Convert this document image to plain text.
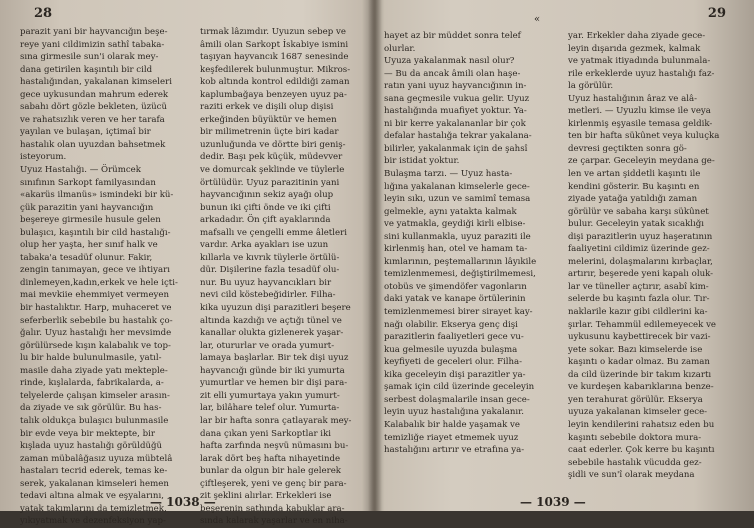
28
parazit yani bir hayvancığın beşe-
reye yani cildimizin sathî tabaka-
sına girmesile sun'i olarak mey-
dana getirilen kaşıntılı bir cild
hastalığından, yakalanan kimseleri
gece uykusundan mahrum ederek
sabahı dört gözle bekleten, üzücü
ve rahatsızlık veren ve her tarafa
yayılan ve bulaşan, içtimaî bir
hastalık olan uyuzdan bahsetmek
isteyorum.
Uyuz Hastalığı. — Örümcek
sınıfının Sarkopt familyasından
«akarüs ilmanüs» ismindeki bir kü-
çük parazitin yani hayvancığın
beşereye girmesile husule gelen
bulaşıcı, kaşıntılı bir cild hastalığı-
olup her yaşta, her sınıf halk ve
tabaka'a tesadüf olunur. Fakir,
zengin tanımayan, gece ve ihtiyarı
dinlemeyen,kadın,erkek ve hele içti-
mai mevkiie ehemmiyet vermeyen
bir hastalıktır. Harp, muhaceret ve
seferberlik sebebile bu hastalık ço-
ğalır. Uyuz hastalığı her mevsimde
görülürsede kışın kalabalık ve top-
lu bir halde bulunulmasile, yatıl-
masile daha ziyade yatı mekteple-
rinde, kışlalarda, fabrikalarda, a-
telyelerde çalışan kimseler arasın-
da ziyade ve sık görülür. Bu has-
talık oldukça bulaşıcı bulunmasile
bir evde veya bir mektepte, bir
kışlada uyuz hastalığı görüldüğü
zaman mübalâğasız uyuza mübtelâ
hastaları tecrid ederek, temas ke-
serek, yakalanan kimseleri hemen
tedavi altına almak ve eşyalarını,
yatak takımlarını da temizletmek,
yıkıyatmak ve dezenfeksiyon yap-
tırmak lâzımdır. Uyuzun sebep ve
âmili olan Sarkopt İskabiye ismini
taşıyan hayvancık 1687 senesinde
keşfedilerek bulunmuştur. Mikros-
kob altında kontrol edildiği zaman
kaplumbağaya benzeyen uyuz pa-
raziti erkek ve dişili olup dişisi
erkeğinden büyüktür ve hemen
bir milimetrenin üçte biri kadar
uzunluğunda ve dörtte biri geniş-
dedir. Başı pek küçük, müdevver
ve domurcak şeklinde ve tüylerle
örtülüdür. Uyuz parazitinin yani
hayvancığının sekiz ayağı olup
bunun iki çifti önde ve iki çifti
arkadadır. Ön çift ayaklarında
mafsallı ve çengelli emme âletleri
vardır. Arka ayakları ise uzun
kıllarla ve kıvrık tüylerle örtülü-
dür. Dişilerine fazla tesadüf olu-
nur. Bu uyuz hayvancıkları bir
nevi cild köstebeğidirler. Filha-
kika uyuzun dişi parazitleri beşere
altında kazdığı ve açtığı tünel ve
kanallar olukta gizlenerek yaşar-
lar, otururlar ve orada yumurt-
lamaya başlarlar. Bir tek dişi uyuz
hayvancığı günde bir iki yumurta
yumurtlar ve hemen bir dişi para-
zit elli yumurtaya yakın yumurt-
lar, bilâhare telef olur. Yumurta-
lar bir hafta sonra çatlayarak mey-
dana çıkan yeni Sarkoptlar iki
hafta zarfında neşvü nümasını bu-
larak dört beş hafta nihayetinde
bunlar da olgun bir hale gelerek
çiftleşerek, yeni ve genç bir para-
zit şeklini alırlar. Erkekleri ise
beşerenin sathında kabuklar ara-
sında kalarak yaşarlar ve en niha-
— 1038 —
29
«
hayet az bir müddet sonra telef
olurlar.
Uyuza yakalanmak nasıl olur?
— Bu da ancak âmili olan haşe-
ratın yani uyuz hayvancığının in-
sana geçmesile vukua gelir. Uyuz
hastalığında muafiyet yoktur. Ya-
ni bir kerre yakalananlar bir çok
defalar hastalığa tekrar yakalana-
bilirler, yakalanmak için de şahsî
bir istidat yoktur.
Bulaşma tarzı. — Uyuz hasta-
lığına yakalanan kimselerle gece-
leyin sıkı, uzun ve samimî temasa
gelmekle, aynı yatakta kalmak
ve yatmakla, geydiği kirli elbise-
sini kullanmakla, uyuz paraziti ile
kirlenmiş han, otel ve hamam ta-
kımlarının, peştemallarının lâyıkile
temizlenmemesi, değiştirilmemesi,
otobüs ve şimendöfer vagonların
daki yatak ve kanape örtülerinin
temizlenmemesi birer sirayet kay-
nağı olabilir. Ekserya genç dişi
parazitlerin faaliyetleri gece vu-
kua gelmesile uyuzda bulaşma
keyfiyeti de geceleri olur. Filha-
kika geceleyin dişi parazitler ya-
şamak için cild üzerinde geceleyin
serbest dolaşmalarile insan gece-
leyin uyuz hastalığına yakalanır.
Kalabalık bir halde yaşamak ve
temizliğe riayet etmemek uyuz
hastalığını artırır ve etrafına ya-
yar. Erkekler daha ziyade gece-
leyin dışarıda gezmek, kalmak
ve yatmak itiyadında bulunmala-
rile erkeklerde uyuz hastalığı faz-
la görülür.
Uyuz hastalığının âraz ve alâ-
metleri. — Uyuzlu kimse ile veya
kirlenmiş eşyasile temasa geldik-
ten bir hafta sükûnet veya kuluçka
devresi geçtikten sonra gö-
ze çarpar. Geceleyin meydana ge-
len ve artan şiddetli kaşıntı ile
kendini gösterir. Bu kaşıntı en
ziyade yatağa yatıldığı zaman
görülür ve sabaha karşı sükûnet
bulur. Geceleyin yatak sıcaklığı
dişi parazitlerin uyuz haşeratının
faaliyetini cildimiz üzerinde gez-
melerini, dolaşmalarını kırbaçlar,
artırır, beşerede yeni kapalı oluk-
lar ve tüneller açtırır, asabî kim-
selerde bu kaşıntı fazla olur. Tır-
naklarile kazır gibi cildlerini ka-
şırlar. Tehammül edilemeyecek ve
uykusunu kaybettirecek bir vazi-
yete sokar. Bazı kimselerde ise
kaşıntı o kadar olmaz. Bu zaman
da cild üzerinde bir takım kızartı
ve kurdeşen kabarıklarına benze-
yen terahurat görülür. Ekserya
uyuza yakalanan kimseler gece-
leyin kendilerini rahatsız eden bu
kaşıntı sebebile doktora mura-
caat ederler. Çok kerre bu kaşıntı
sebebile hastalık vücudda gez-
şidli ve sun'î olarak meydana
— 1039 —
